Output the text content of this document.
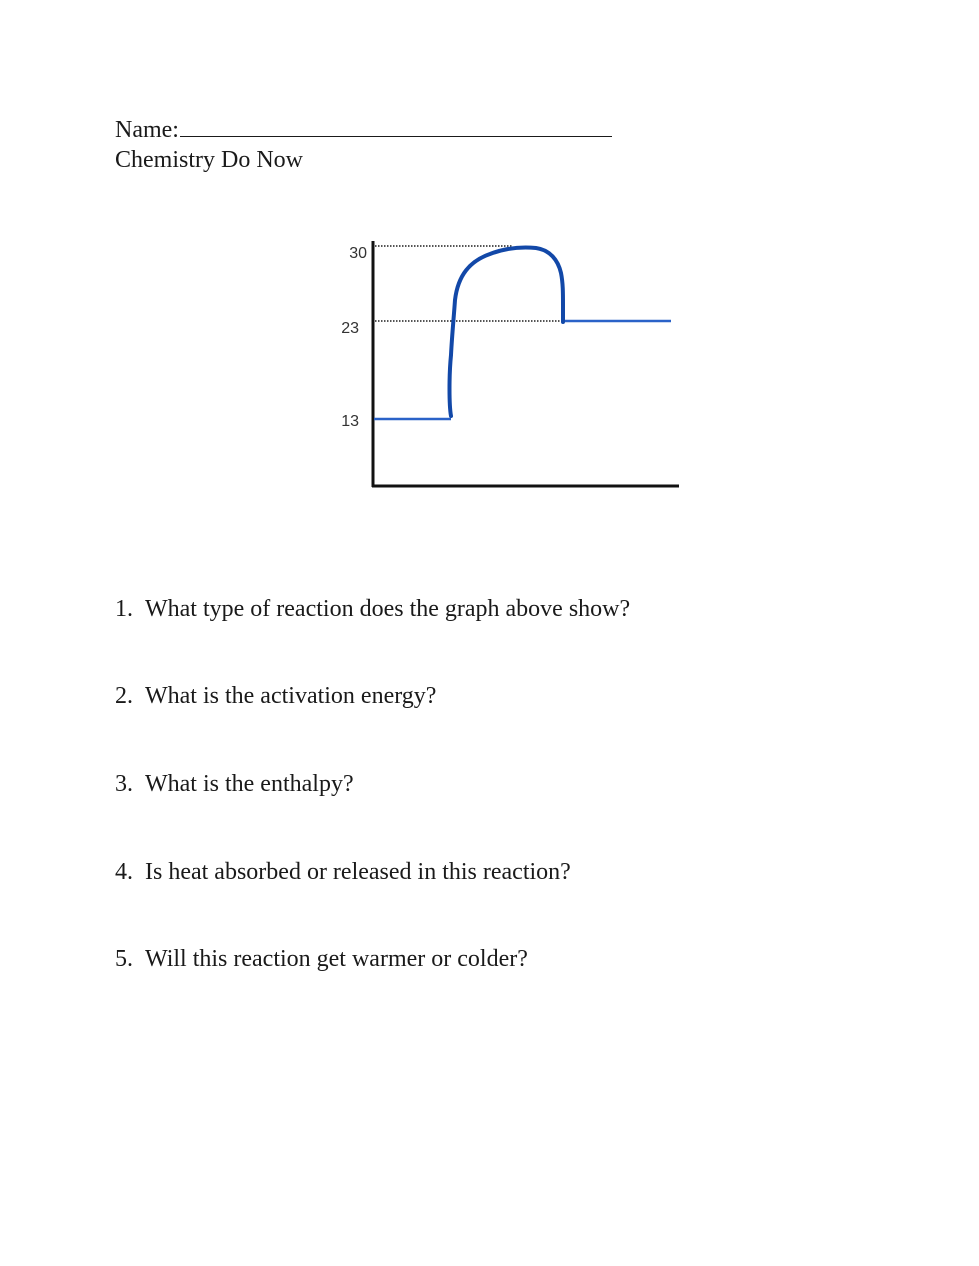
Name:
Chemistry Do Now
30
23
13
1. What type of reaction does the graph above show?
2. What is the activation energy?
3. What is the enthalpy?
4. Is heat absorbed or released in this reaction?
5. Will this reaction get warmer or colder?
